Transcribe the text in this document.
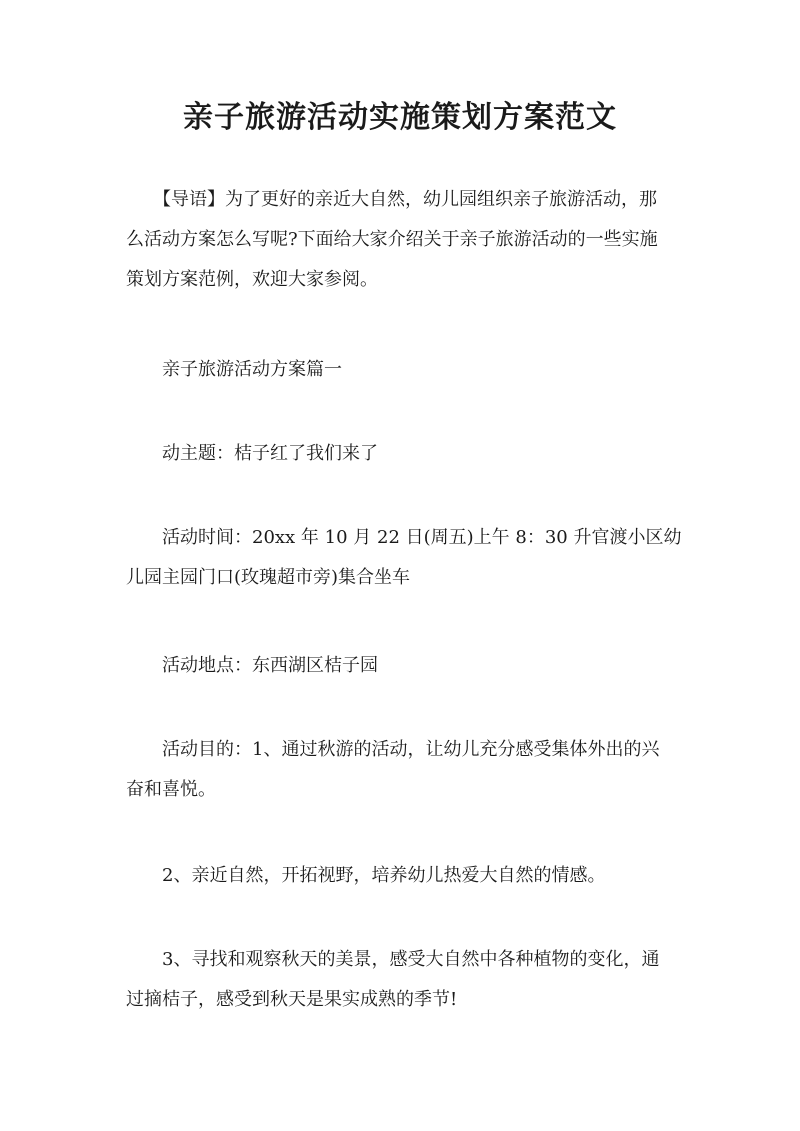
亲子旅游活动实施策划方案范文

　　【导语】为了更好的亲近大自然，幼儿园组织亲子旅游活动，那
么活动方案怎么写呢?下面给大家介绍关于亲子旅游活动的一些实施
策划方案范例，欢迎大家参阅。

　　亲子旅游活动方案篇一

　　动主题：桔子红了我们来了

　　活动时间：20xx 年 10 月 22 日(周五)上午 8：30 升官渡小区幼
儿园主园门口(玫瑰超市旁)集合坐车

　　活动地点：东西湖区桔子园

　　活动目的：1、通过秋游的活动，让幼儿充分感受集体外出的兴
奋和喜悦。

　　2、亲近自然，开拓视野，培养幼儿热爱大自然的情感。

　　3、寻找和观察秋天的美景，感受大自然中各种植物的变化，通
过摘桔子，感受到秋天是果实成熟的季节!
